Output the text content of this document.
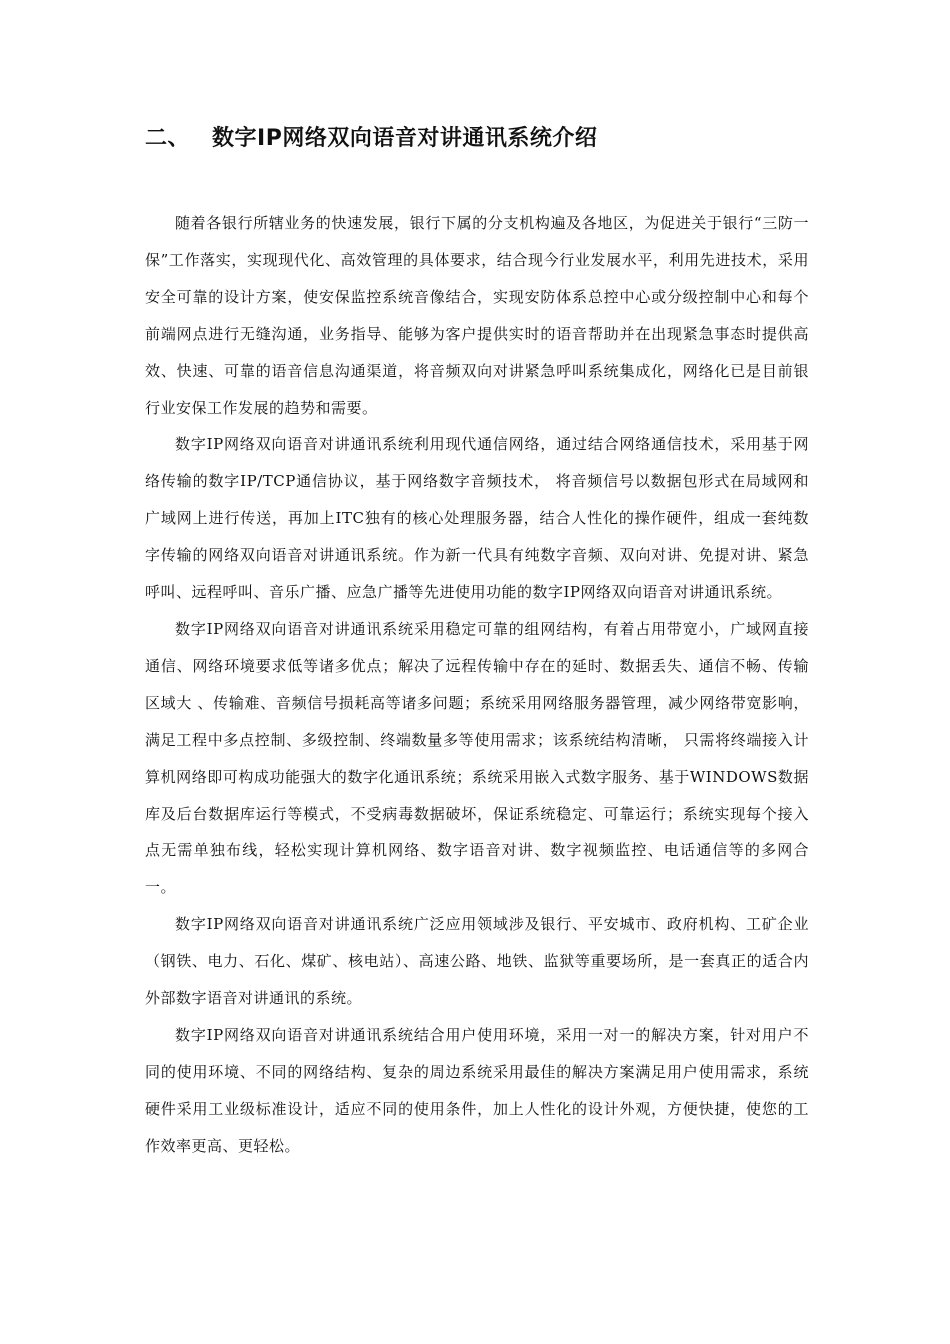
二、 数字IP网络双向语音对讲通讯系统介绍

随着各银行所辖业务的快速发展，银行下属的分支机构遍及各地区，为促进关于银行“三防一保”工作落实，实现现代化、高效管理的具体要求，结合现今行业发展水平，利用先进技术，采用安全可靠的设计方案，使安保监控系统音像结合，实现安防体系总控中心或分级控制中心和每个前端网点进行无缝沟通，业务指导、能够为客户提供实时的语音帮助并在出现紧急事态时提供高效、快速、可靠的语音信息沟通渠道，将音频双向对讲紧急呼叫系统集成化，网络化已是目前银行业安保工作发展的趋势和需要。

数字IP网络双向语音对讲通讯系统利用现代通信网络，通过结合网络通信技术，采用基于网络传输的数字IP/TCP通信协议，基于网络数字音频技术， 将音频信号以数据包形式在局域网和广域网上进行传送，再加上ITC独有的核心处理服务器，结合人性化的操作硬件，组成一套纯数字传输的网络双向语音对讲通讯系统。作为新一代具有纯数字音频、双向对讲、免提对讲、紧急呼叫、远程呼叫、音乐广播、应急广播等先进使用功能的数字IP网络双向语音对讲通讯系统。

数字IP网络双向语音对讲通讯系统采用稳定可靠的组网结构，有着占用带宽小，广域网直接通信、网络环境要求低等诸多优点；解决了远程传输中存在的延时、数据丢失、通信不畅、传输区域大 、传输难、音频信号损耗高等诸多问题；系统采用网络服务器管理，减少网络带宽影响，满足工程中多点控制、多级控制、终端数量多等使用需求；该系统结构清晰， 只需将终端接入计算机网络即可构成功能强大的数字化通讯系统；系统采用嵌入式数字服务、基于WINDOWS数据库及后台数据库运行等模式，不受病毒数据破坏，保证系统稳定、可靠运行；系统实现每个接入点无需单独布线，轻松实现计算机网络、数字语音对讲、数字视频监控、电话通信等的多网合一。

数字IP网络双向语音对讲通讯系统广泛应用领域涉及银行、平安城市、政府机构、工矿企业（钢铁、电力、石化、煤矿、核电站）、高速公路、地铁、监狱等重要场所，是一套真正的适合内外部数字语音对讲通讯的系统。

数字IP网络双向语音对讲通讯系统结合用户使用环境，采用一对一的解决方案，针对用户不同的使用环境、不同的网络结构、复杂的周边系统采用最佳的解决方案满足用户使用需求，系统硬件采用工业级标准设计，适应不同的使用条件，加上人性化的设计外观，方便快捷，使您的工作效率更高、更轻松。
